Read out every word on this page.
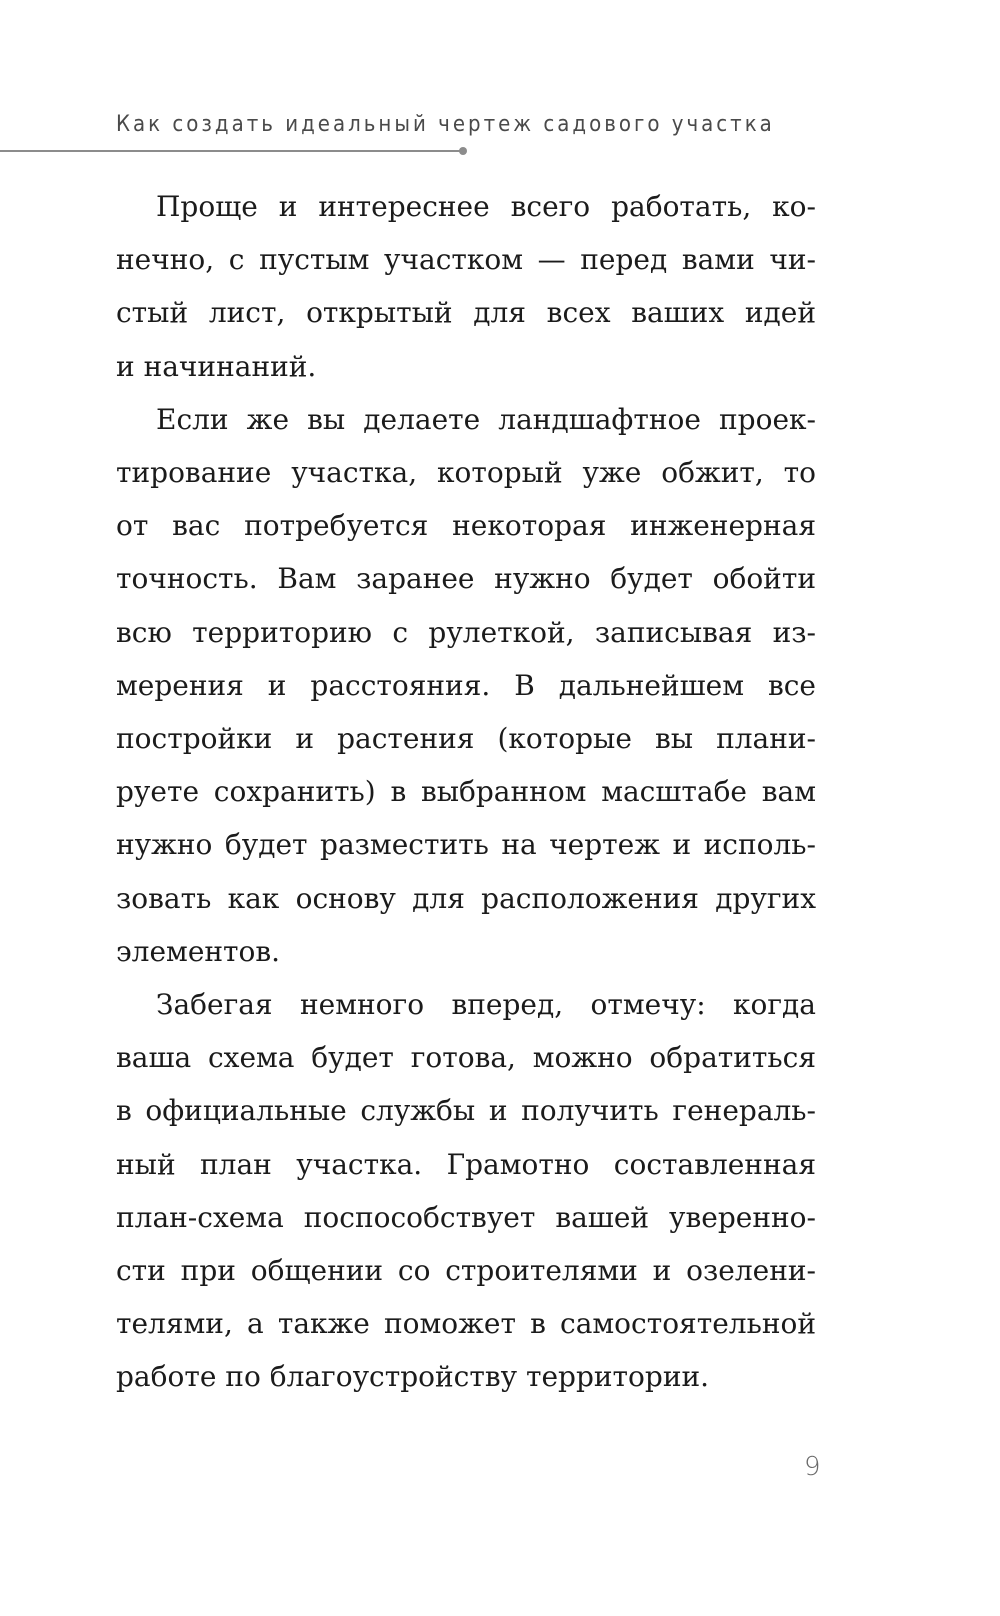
Как создать идеальный чертеж садового участка

Проще и интереснее всего работать, ко-
нечно, с пустым участком — перед вами чи-
стый лист, открытый для всех ваших идей
и начинаний.

Если же вы делаете ландшафтное проек-
тирование участка, который уже обжит, то
от вас потребуется некоторая инженерная
точность. Вам заранее нужно будет обойти
всю территорию с рулеткой, записывая из-
мерения и расстояния. В дальнейшем все
постройки и растения (которые вы плани-
руете сохранить) в выбранном масштабе вам
нужно будет разместить на чертеж и исполь-
зовать как основу для расположения других
элементов.

Забегая немного вперед, отмечу: когда
ваша схема будет готова, можно обратиться
в официальные службы и получить генераль-
ный план участка. Грамотно составленная
план-схема поспособствует вашей уверенно-
сти при общении со строителями и озелени-
телями, а также поможет в самостоятельной
работе по благоустройству территории.

9
